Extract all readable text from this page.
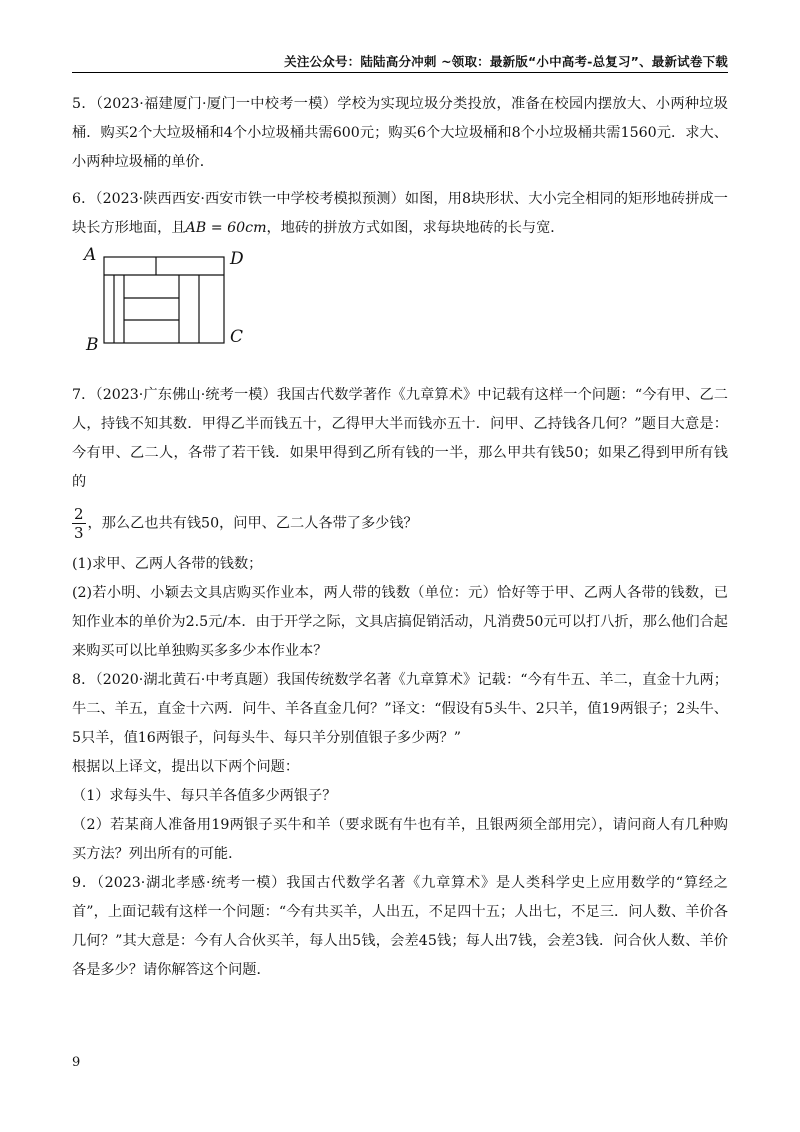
关注公众号：陆陆高分冲刺 ~领取：最新版“小中高考-总复习”、最新试卷下载

5．（2023·福建厦门·厦门一中校考一模）学校为实现垃圾分类投放，准备在校园内摆放大、小两种垃圾桶．购买2个大垃圾桶和4个小垃圾桶共需600元；购买6个大垃圾桶和8个小垃圾桶共需1560元．求大、小两种垃圾桶的单价．

6．（2023·陕西西安·西安市铁一中学校考模拟预测）如图，用8块形状、大小完全相同的矩形地砖拼成一块长方形地面，且AB = 60cm，地砖的拼放方式如图，求每块地砖的长与宽．

A	D
B	C

7．（2023·广东佛山·统考一模）我国古代数学著作《九章算术》中记载有这样一个问题：“今有甲、乙二人，持钱不知其数．甲得乙半而钱五十，乙得甲大半而钱亦五十．问甲、乙持钱各几何？”题目大意是：今有甲、乙二人，各带了若干钱．如果甲得到乙所有钱的一半，那么甲共有钱50；如果乙得到甲所有钱的

$\frac{2}{3}$ ，那么乙也共有钱50，问甲、乙二人各带了多少钱？

(1)求甲、乙两人各带的钱数；

(2)若小明、小颖去文具店购买作业本，两人带的钱数（单位：元）恰好等于甲、乙两人各带的钱数，已知作业本的单价为2.5元/本．由于开学之际，文具店搞促销活动，凡消费50元可以打八折，那么他们合起来购买可以比单独购买多多少本作业本？

8．（2020·湖北黄石·中考真题）我国传统数学名著《九章算术》记载：“今有牛五、羊二，直金十九两；牛二、羊五，直金十六两．问牛、羊各直金几何？”译文：“假设有5头牛、2只羊，值19两银子；2头牛、5只羊，值16两银子，问每头牛、每只羊分别值银子多少两？”

根据以上译文，提出以下两个问题：

（1）求每头牛、每只羊各值多少两银子？

（2）若某商人准备用19两银子买牛和羊（要求既有牛也有羊，且银两须全部用完），请问商人有几种购买方法？列出所有的可能．

9．（2023·湖北孝感·统考一模）我国古代数学名著《九章算术》是人类科学史上应用数学的“算经之首”，上面记载有这样一个问题：“今有共买羊，人出五，不足四十五；人出七，不足三．问人数、羊价各几何？”其大意是：今有人合伙买羊，每人出5钱，会差45钱；每人出7钱，会差3钱．问合伙人数、羊价各是多少？请你解答这个问题．

9
